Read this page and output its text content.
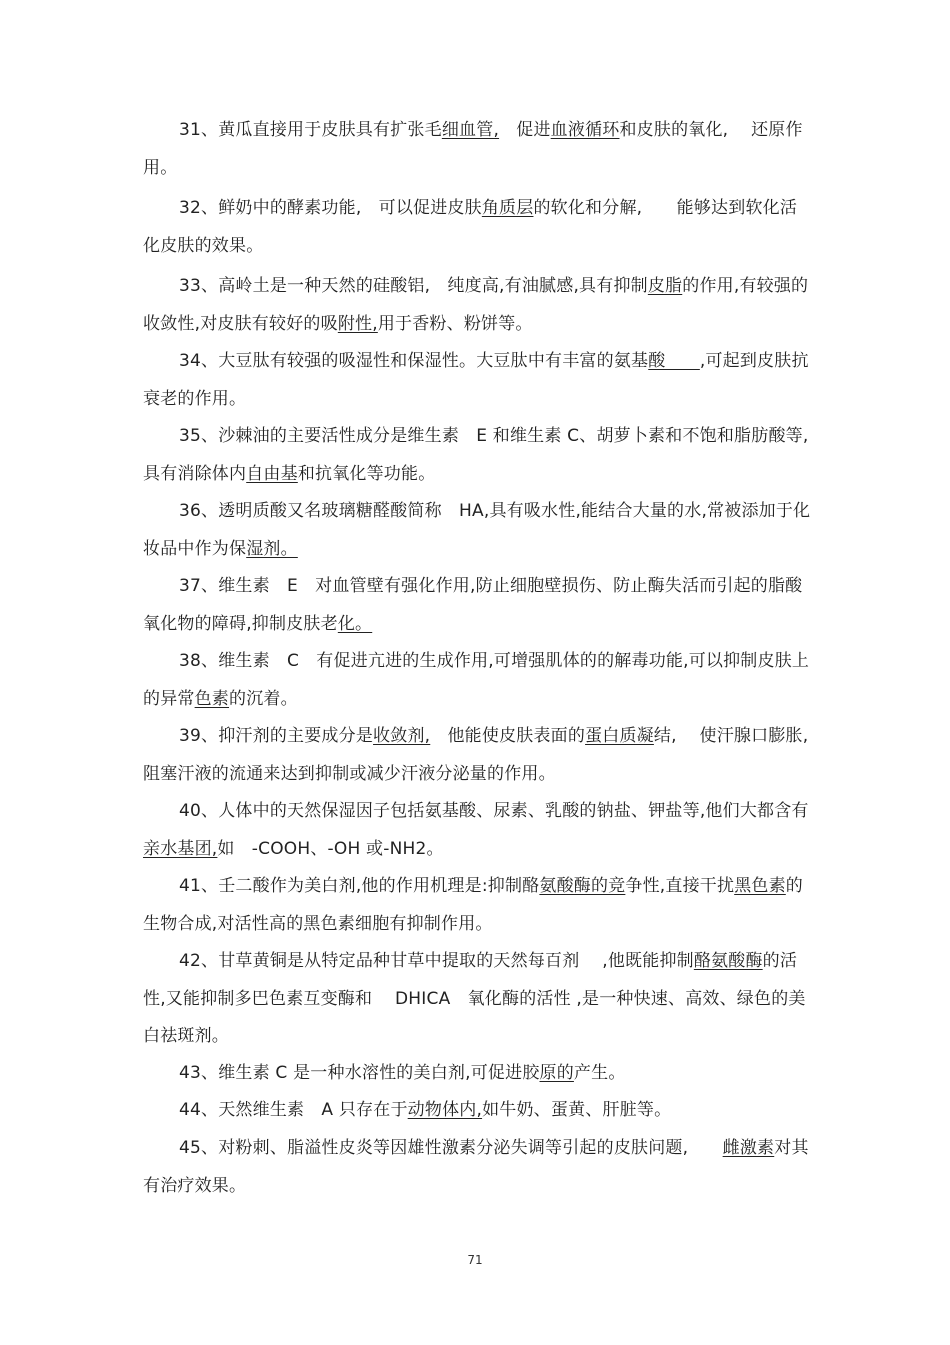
31、黄瓜直接用于皮肤具有扩张毛细血管,　促进血液循环和皮肤的氧化,　 还原作用。

32、鲜奶中的酵素功能,　可以促进皮肤角质层的软化和分解,　　能够达到软化活化皮肤的效果。

33、高岭土是一种天然的硅酸铝,　纯度高,有油腻感,具有抑制皮脂的作用,有较强的收敛性,对皮肤有较好的吸附性,用于香粉、粉饼等。

34、大豆肽有较强的吸湿性和保湿性。大豆肽中有丰富的氨基酸　　,可起到皮肤抗衰老的作用。

35、沙棘油的主要活性成分是维生素　E 和维生素 C、胡萝卜素和不饱和脂肪酸等,具有消除体内自由基和抗氧化等功能。

36、透明质酸又名玻璃糖醛酸简称　HA,具有吸水性,能结合大量的水,常被添加于化妆品中作为保湿剂。

37、维生素　E　对血管壁有强化作用,防止细胞壁损伤、防止酶失活而引起的脂酸氧化物的障碍,抑制皮肤老化。

38、维生素　C　有促进亢进的生成作用,可增强肌体的的解毒功能,可以抑制皮肤上的异常色素的沉着。

39、抑汗剂的主要成分是收敛剂,　他能使皮肤表面的蛋白质凝结,　 使汗腺口膨胀,阻塞汗液的流通来达到抑制或减少汗液分泌量的作用。

40、人体中的天然保湿因子包括氨基酸、尿素、乳酸的钠盐、钾盐等,他们大都含有亲水基团,如　-COOH、-OH 或-NH2。

41、壬二酸作为美白剂,他的作用机理是:抑制酪氨酸酶的竞争性,直接干扰黑色素的生物合成,对活性高的黑色素细胞有抑制作用。

42、甘草黄铜是从特定品种甘草中提取的天然每百剂　 ,他既能抑制酪氨酸酶的活性,又能抑制多巴色素互变酶和　 DHICA　氧化酶的活性 ,是一种快速、高效、绿色的美白祛斑剂。

43、维生素 C 是一种水溶性的美白剂,可促进胶原的产生。

44、天然维生素　A 只存在于动物体内,如牛奶、蛋黄、肝脏等。

45、对粉刺、脂溢性皮炎等因雄性激素分泌失调等引起的皮肤问题,　　雌激素对其有治疗效果。

71
